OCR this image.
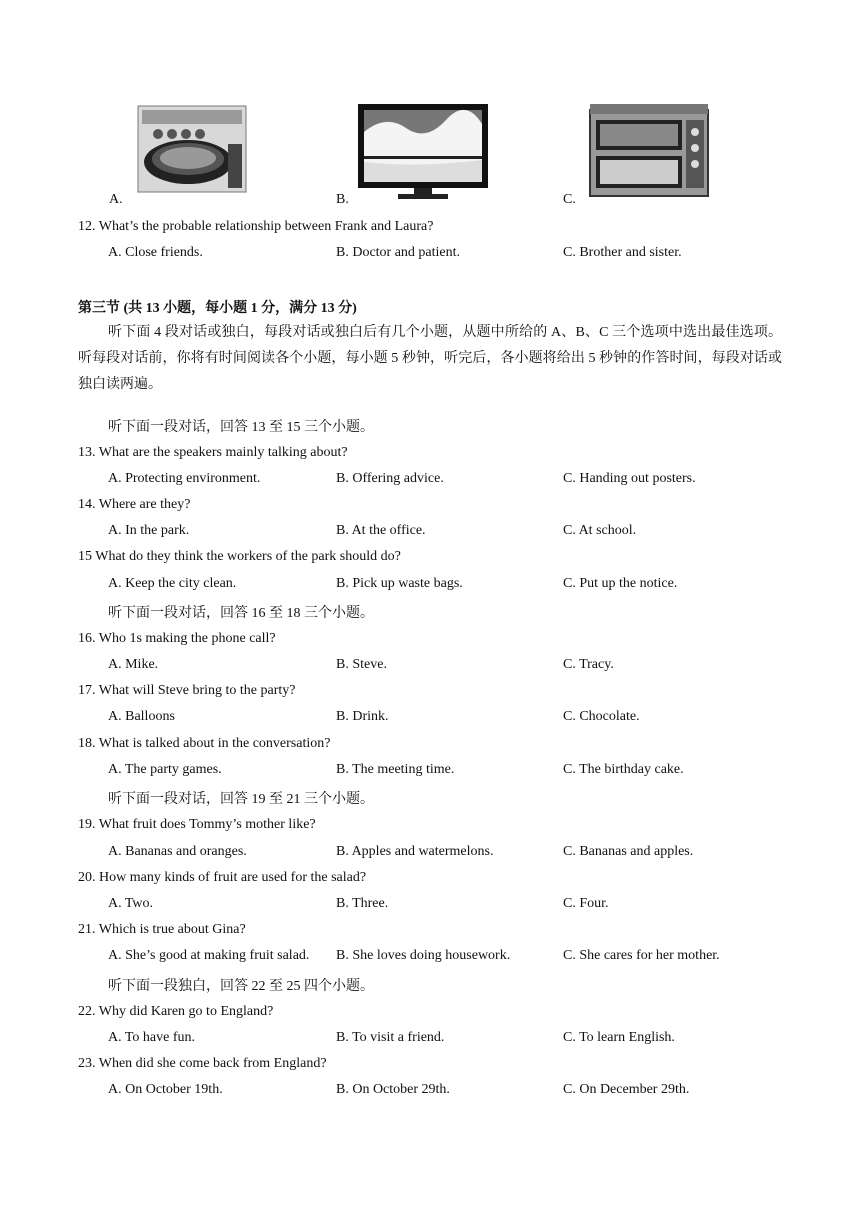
A.	B.	C.
12. What’s the probable relationship between Frank and Laura?
A. Close friends.	B. Doctor and patient.	C. Brother and sister.
第三节 (共 13 小题，每小题 1 分，满分 13 分)
听下面 4 段对话或独白，每段对话或独白后有几个小题，从题中所给的 A、B、C 三个选项中选出最佳选项。听每段对话前，你将有时间阅读各个小题，每小题 5 秒钟，听完后，各小题将给出 5 秒钟的作答时间，每段对话或独白读两遍。
听下面一段对话，回答 13 至 15 三个小题。
13. What are the speakers mainly talking about?
A. Protecting environment.	B. Offering advice.	C. Handing out posters.
14. Where are they?
A. In the park.	B. At the office.	C. At school.
15 What do they think the workers of the park should do?
A. Keep the city clean.	B. Pick up waste bags.	C. Put up the notice.
听下面一段对话，回答 16 至 18 三个小题。
16. Who 1s making the phone call?
A. Mike.	B. Steve.	C. Tracy.
17. What will Steve bring to the party?
A. Balloons	B. Drink.	C. Chocolate.
18. What is talked about in the conversation?
A. The party games.	B. The meeting time.	C. The birthday cake.
听下面一段对话，回答 19 至 21 三个小题。
19. What fruit does Tommy’s mother like?
A. Bananas and oranges.	B. Apples and watermelons.	C. Bananas and apples.
20. How many kinds of fruit are used for the salad?
A. Two.	B. Three.	C. Four.
21. Which is true about Gina?
A. She’s good at making fruit salad. B. She loves doing housework.	C. She cares for her mother.
听下面一段独白，回答 22 至 25 四个小题。
22. Why did Karen go to England?
A. To have fun.	B. To visit a friend.	C. To learn English.
23. When did she come back from England?
A. On October 19th.	B. On October 29th.	C. On December 29th.
